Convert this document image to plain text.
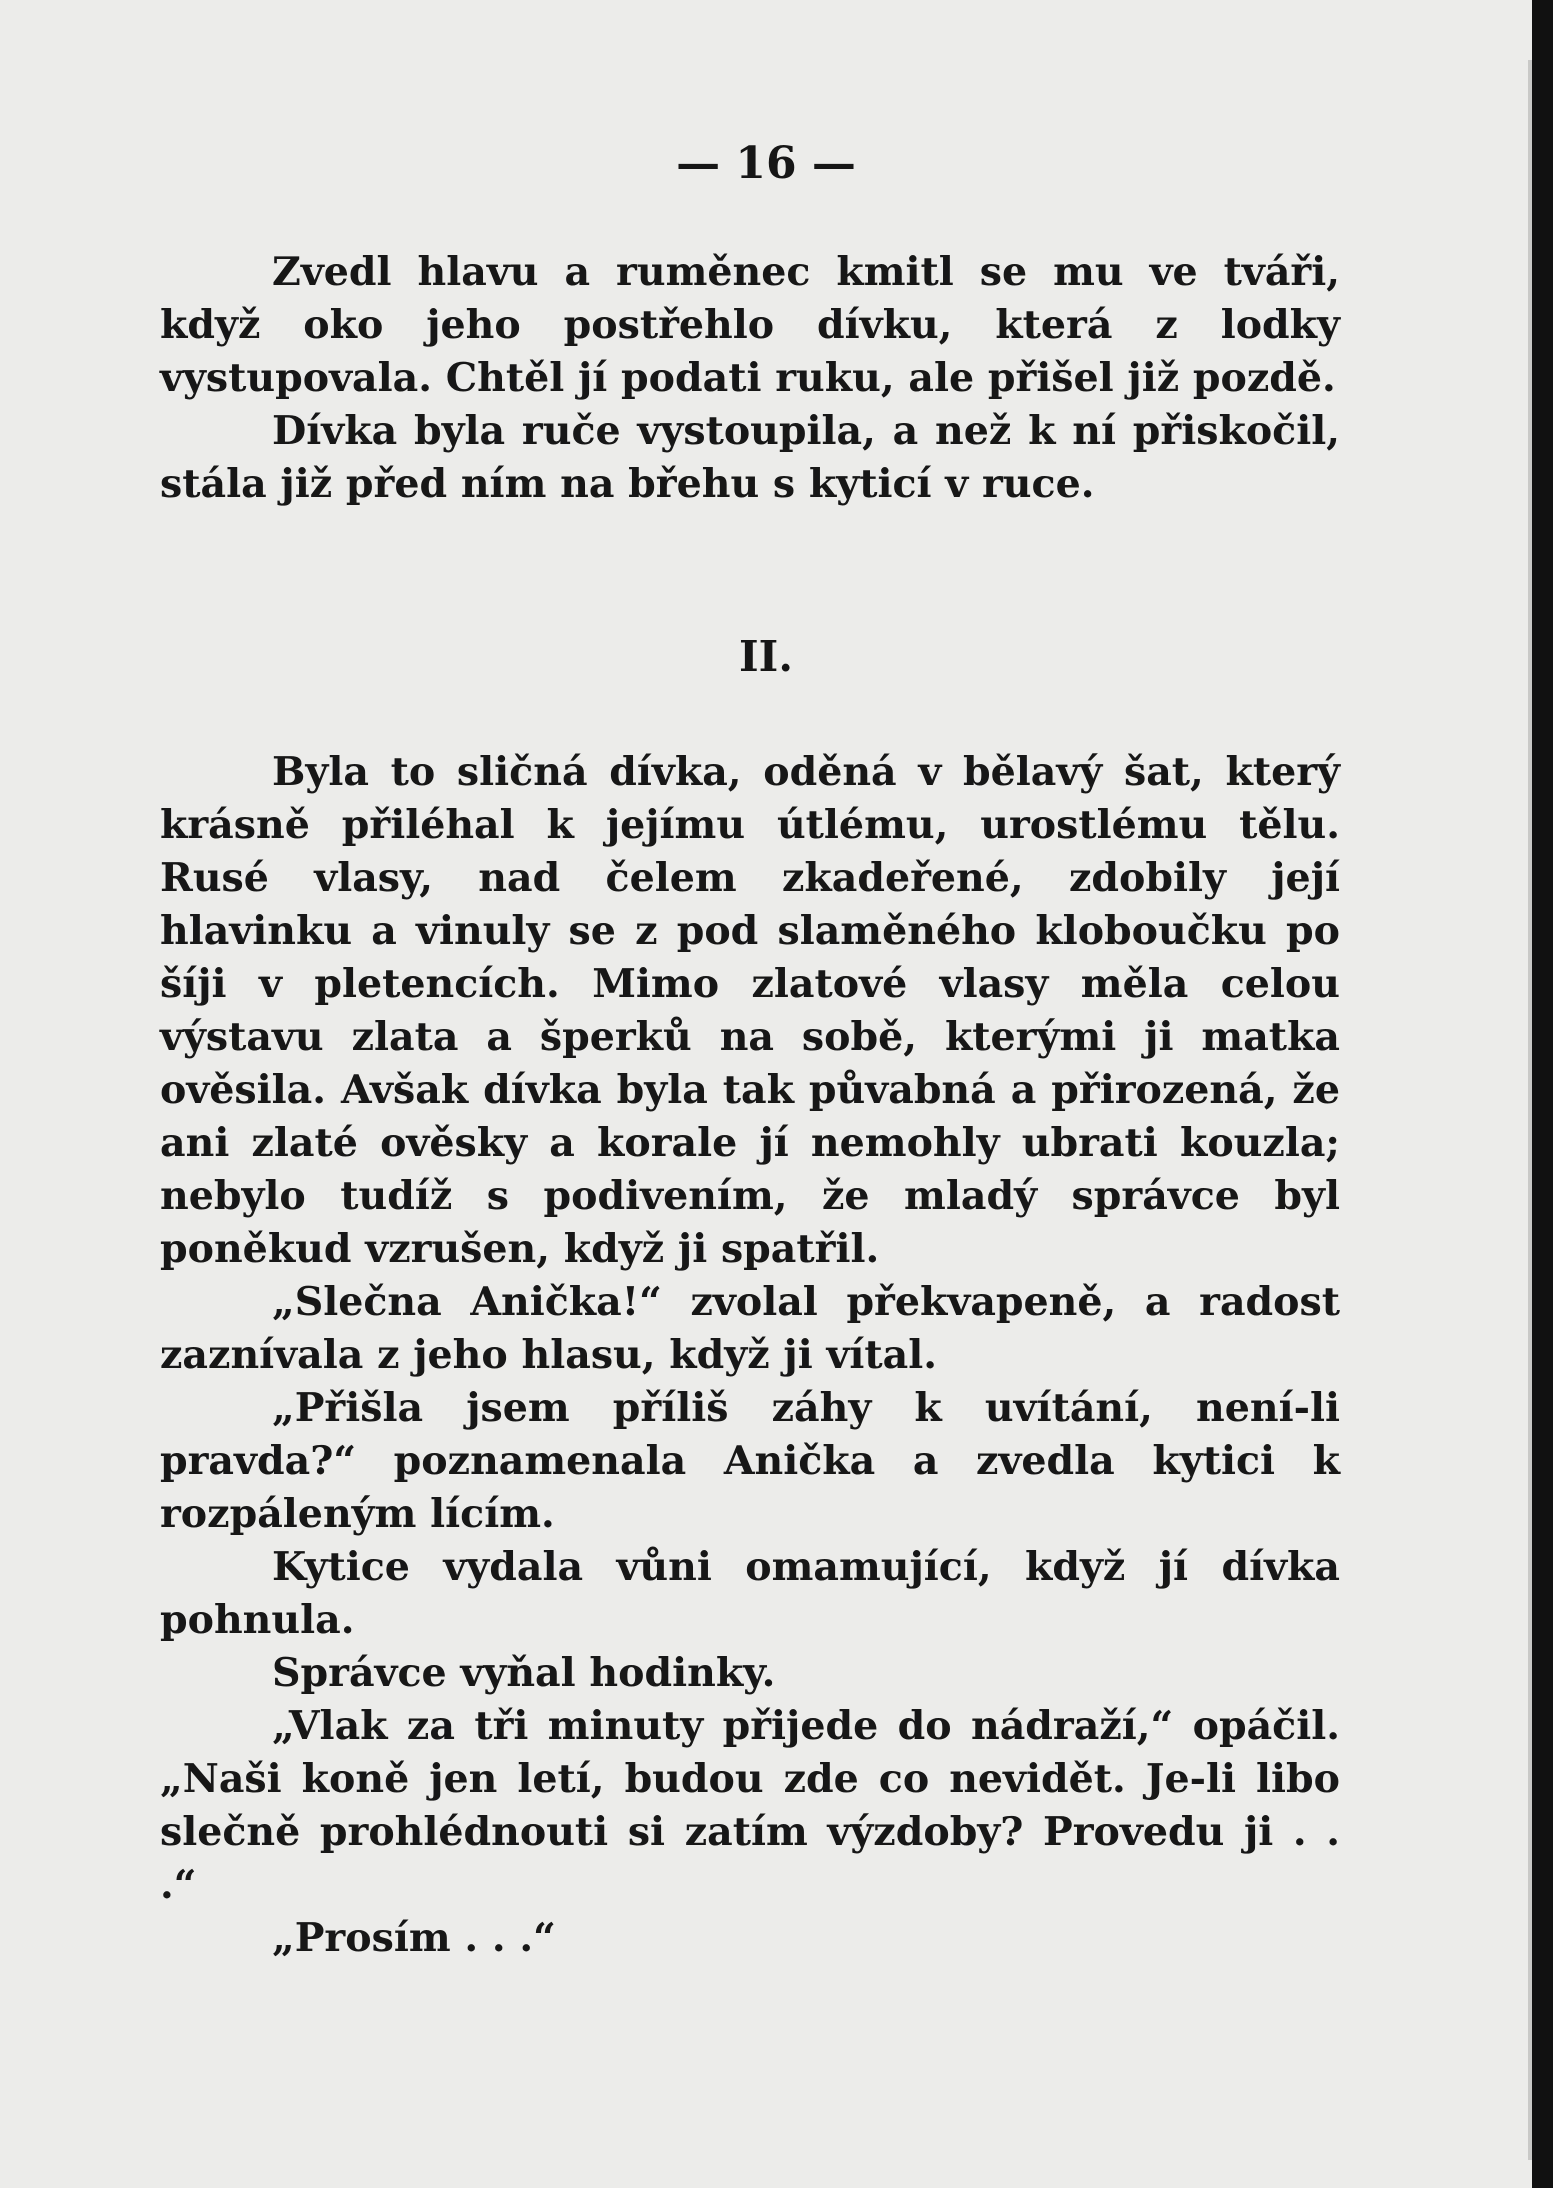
— 16 —

Zvedl hlavu a ruměnec kmitl se mu ve tváři, když oko jeho postřehlo dívku, která z lodky vystupovala. Chtěl jí podati ruku, ale přišel již pozdě.

Dívka byla ruče vystoupila, a než k ní přiskočil, stála již před ním na břehu s kyticí v ruce.

II.

Byla to sličná dívka, oděná v bělavý šat, který krásně přiléhal k jejímu útlému, urostlému tělu. Rusé vlasy, nad čelem zkadeřené, zdobily její hlavinku a vinuly se z pod slaměného kloboučku po šíji v pletencích. Mimo zlatové vlasy měla celou výstavu zlata a šperků na sobě, kterými ji matka ověsila. Avšak dívka byla tak půvabná a přirozená, že ani zlaté ověsky a korale jí nemohly ubrati kouzla; nebylo tudíž s podivením, že mladý správce byl poněkud vzrušen, když ji spatřil.

„Slečna Anička!“ zvolal překvapeně, a radost zaznívala z jeho hlasu, když ji vítal.

„Přišla jsem příliš záhy k uvítání, není-li pravda?“ poznamenala Anička a zvedla kytici k rozpáleným lícím.

Kytice vydala vůni omamující, když jí dívka pohnula.

Správce vyňal hodinky.

„Vlak za tři minuty přijede do nádraží,“ opáčil. „Naši koně jen letí, budou zde co nevidět. Je-li libo slečně prohlédnouti si zatím výzdoby? Provedu ji . . .“

„Prosím . . .“
